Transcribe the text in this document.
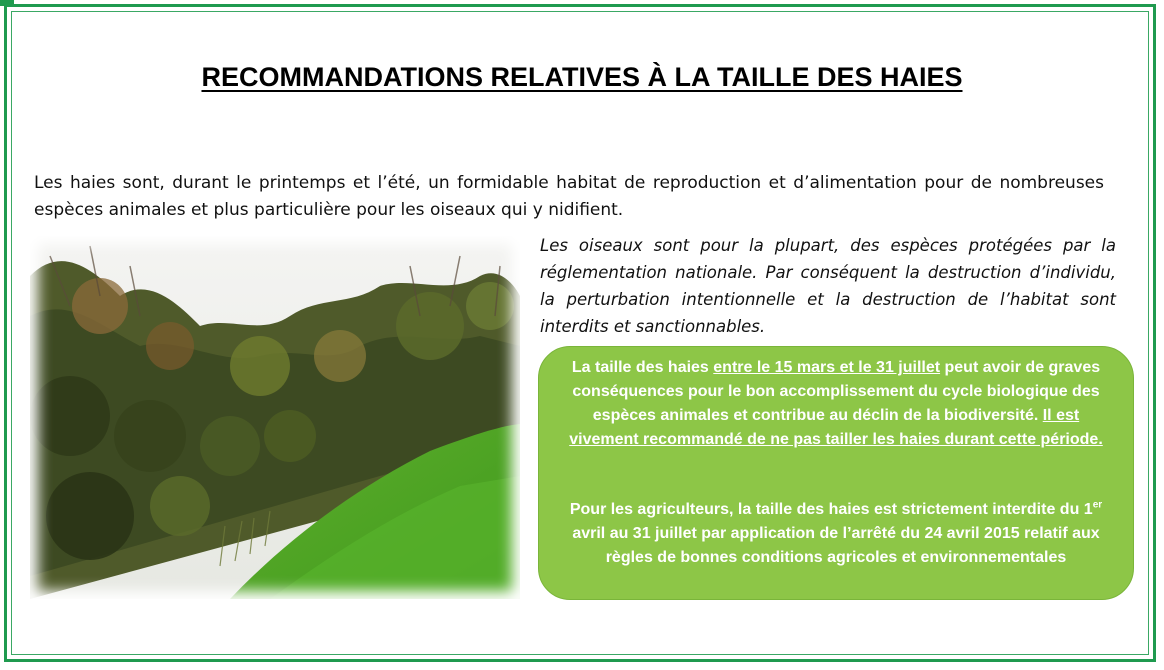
RECOMMANDATIONS RELATIVES À LA TAILLE DES HAIES
Les haies sont, durant le printemps et l’été, un formidable habitat de reproduction et d’alimentation pour de nombreuses espèces animales et plus particulière pour les oiseaux qui y nidifient.
Les oiseaux sont pour la plupart, des espèces protégées par la réglementation nationale. Par conséquent la destruction d’individu, la perturbation intentionnelle et la destruction de l’habitat sont interdits et sanctionnables.
La taille des haies entre le 15 mars et le 31 juillet peut avoir de graves conséquences pour le bon accomplissement du cycle biologique des espèces animales et contribue au déclin de la biodiversité. Il est vivement recommandé de ne pas tailler les haies durant cette période.
Pour les agriculteurs, la taille des haies est strictement interdite du 1er avril au 31 juillet par application de l’arrêté du 24 avril 2015 relatif aux règles de bonnes conditions agricoles et environnementales
